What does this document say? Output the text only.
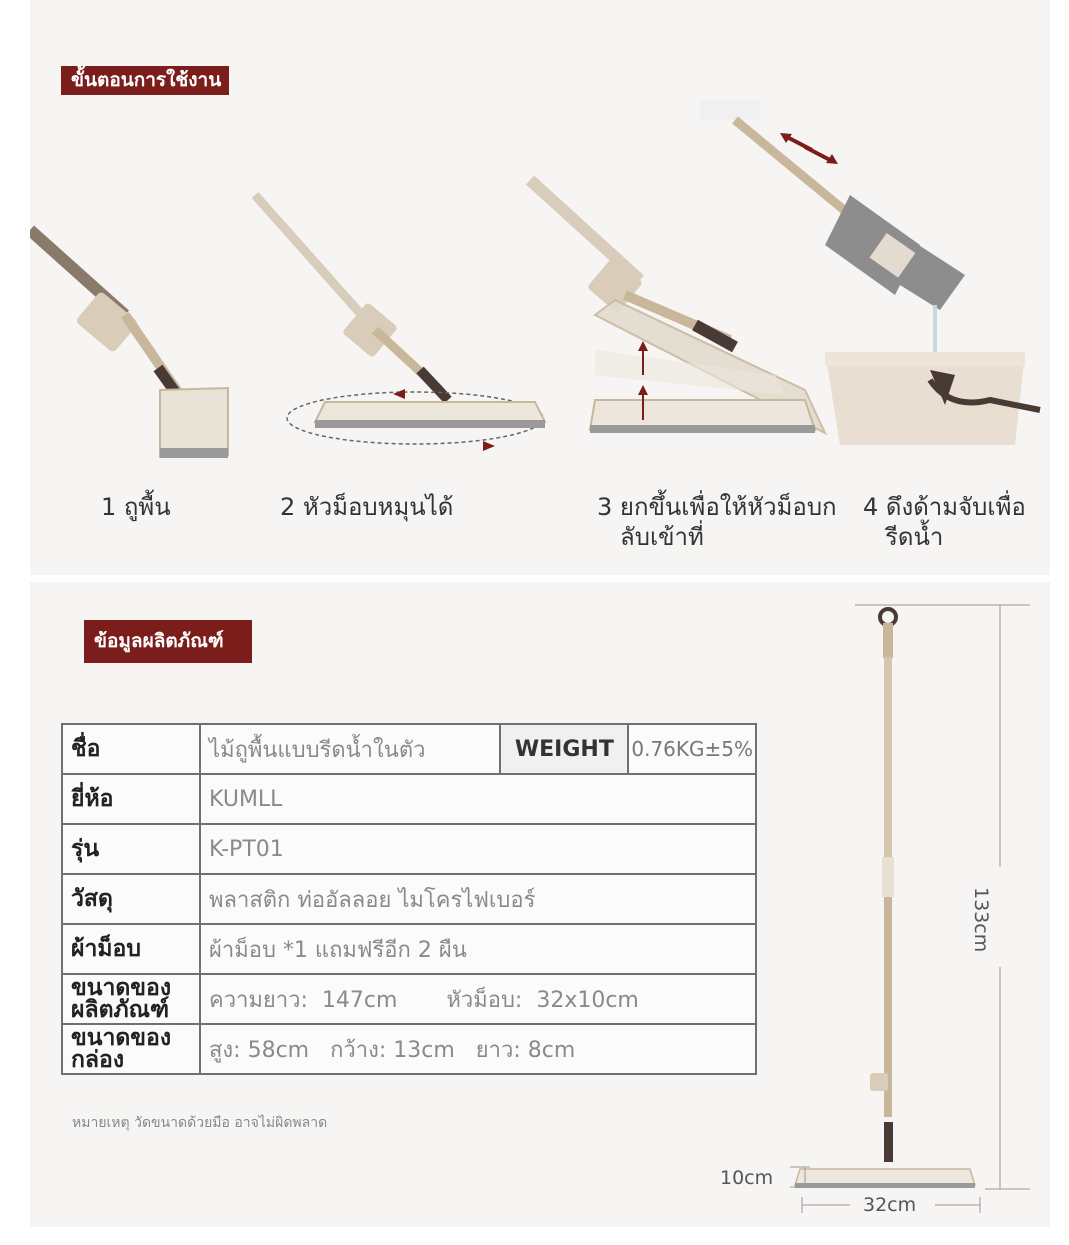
ขั้นตอนการใช้งาน
1 ถูพื้น	2 หัวม็อบหมุนได้	3 ยกขึ้นเพื่อให้หัวม็อบก
ลับเข้าที่
4 ดึงด้ามจับเพื่อ
รีดน้ำ
ข้อมูลผลิตภัณฑ์
ชื่อ	ไม้ถูพื้นแบบรีดน้ำในตัว	WEIGHT	0.76KG±5%
ยี่ห้อ	KUMLL		
รุ่น	K-PT01		
วัสดุ	พลาสติก ท่ออัลลอย ไมโครไฟเบอร์		
ผ้าม็อบ	ผ้าม็อบ *1 แถมฟรีอีก 2 ผืน		
ขนาดของ
ผลิตภัณฑ์	ความยาว:  147cm       หัวม็อบ:  32x10cm		
ขนาดของ
กล่อง	สูง: 58cm   กว้าง: 13cm   ยาว: 8cm		
หมายเหตุ วัดขนาดด้วยมือ อาจไม่ผิดพลาด
133cm
10cm
32cm
